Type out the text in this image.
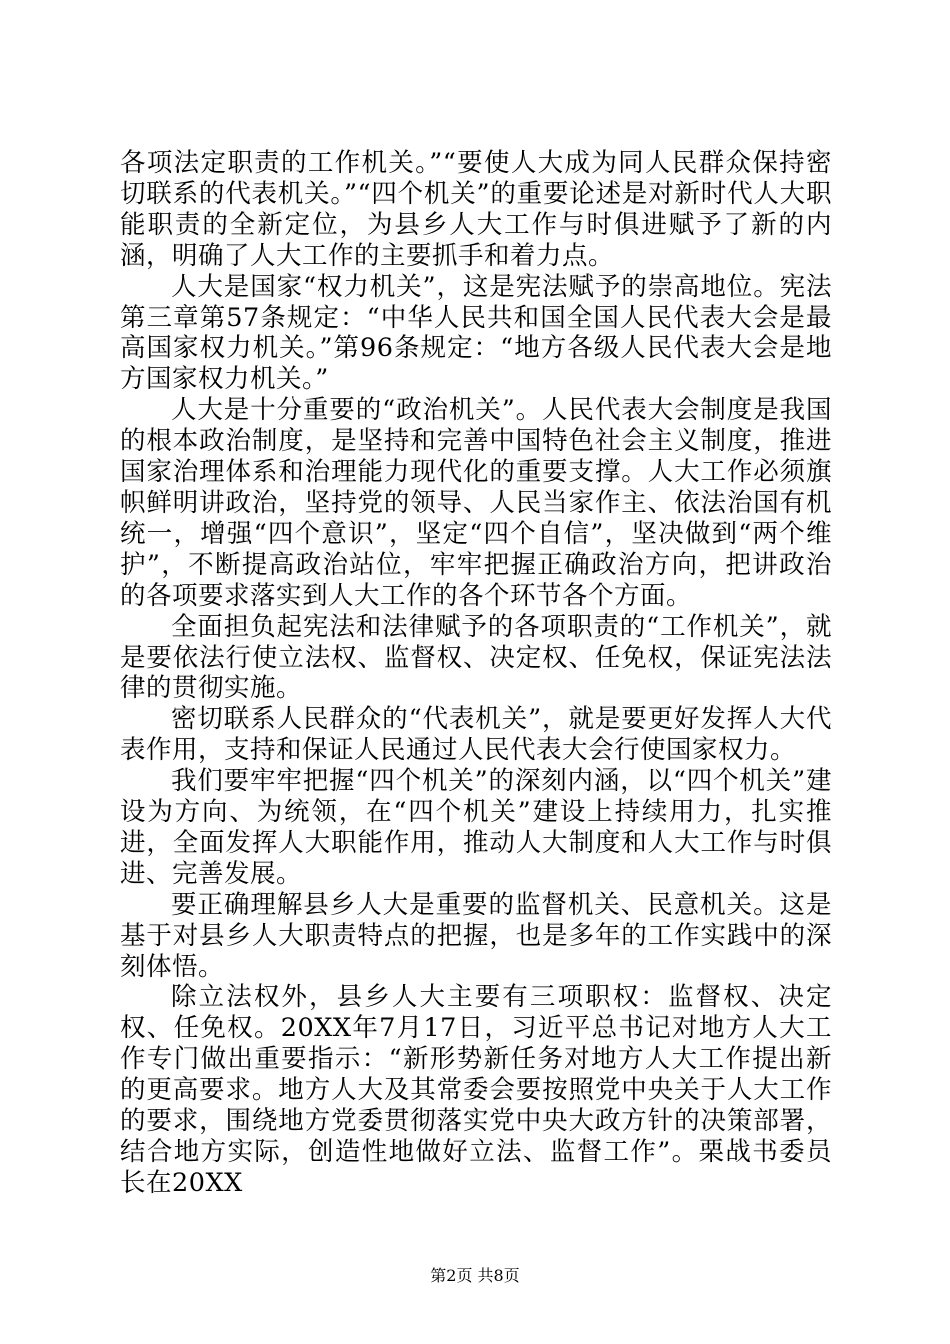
各项法定职责的工作机关。”“要使人大成为同人民群众保持密切联系的代表机关。”“四个机关”的重要论述是对新时代人大职能职责的全新定位，为县乡人大工作与时俱进赋予了新的内涵，明确了人大工作的主要抓手和着力点。

人大是国家“权力机关”，这是宪法赋予的崇高地位。宪法第三章第57条规定：“中华人民共和国全国人民代表大会是最高国家权力机关。”第96条规定：“地方各级人民代表大会是地方国家权力机关。”

人大是十分重要的“政治机关”。人民代表大会制度是我国的根本政治制度，是坚持和完善中国特色社会主义制度，推进国家治理体系和治理能力现代化的重要支撑。人大工作必须旗帜鲜明讲政治，坚持党的领导、人民当家作主、依法治国有机统一，增强“四个意识”，坚定“四个自信”，坚决做到“两个维护”，不断提高政治站位，牢牢把握正确政治方向，把讲政治的各项要求落实到人大工作的各个环节各个方面。

全面担负起宪法和法律赋予的各项职责的“工作机关”，就是要依法行使立法权、监督权、决定权、任免权，保证宪法法律的贯彻实施。

密切联系人民群众的“代表机关”，就是要更好发挥人大代表作用，支持和保证人民通过人民代表大会行使国家权力。

我们要牢牢把握“四个机关”的深刻内涵，以“四个机关”建设为方向、为统领，在“四个机关”建设上持续用力，扎实推进，全面发挥人大职能作用，推动人大制度和人大工作与时俱进、完善发展。

要正确理解县乡人大是重要的监督机关、民意机关。这是基于对县乡人大职责特点的把握，也是多年的工作实践中的深刻体悟。

除立法权外，县乡人大主要有三项职权：监督权、决定权、任免权。20XX年7月17日，习近平总书记对地方人大工作专门做出重要指示：“新形势新任务对地方人大工作提出新的更高要求。地方人大及其常委会要按照党中央关于人大工作的要求，围绕地方党委贯彻落实党中央大政方针的决策部署，结合地方实际，创造性地做好立法、监督工作”。栗战书委员长在20XX

第2页 共8页
